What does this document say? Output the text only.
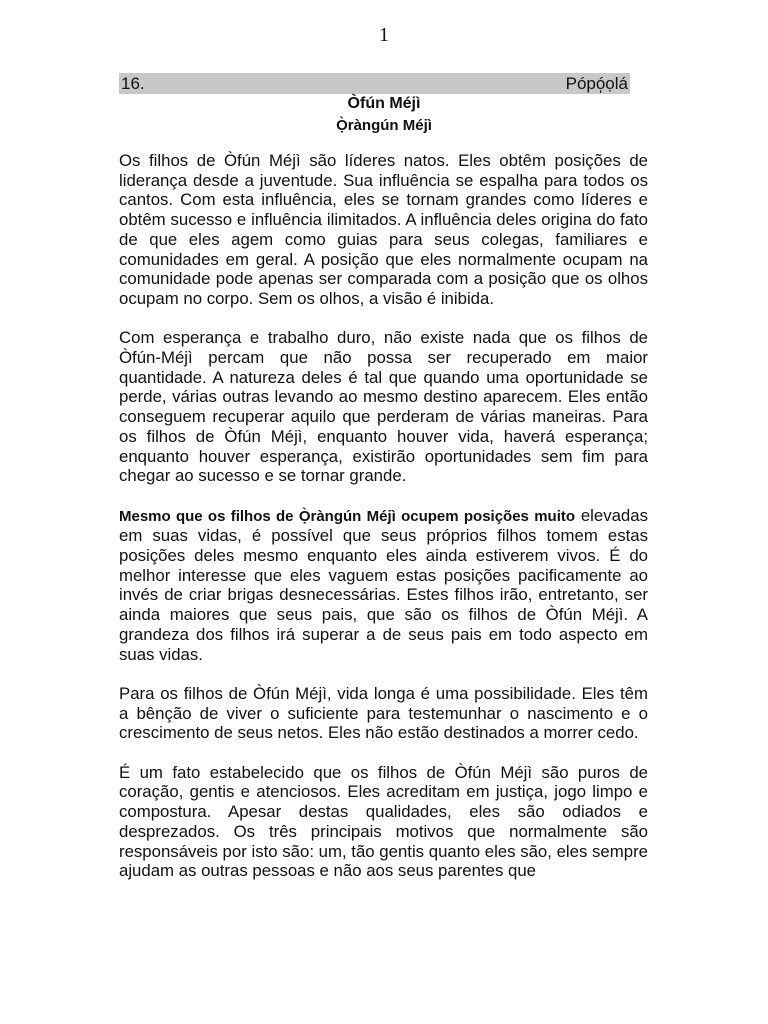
1
16.	Pópó̩ọlá
Òfún Méjì
Ọ̀ràngún Méjì

Os filhos de Òfún Méjì são líderes natos. Eles obtêm posições de liderança desde a juventude. Sua influência se espalha para todos os cantos. Com esta influência, eles se tornam grandes como líderes e obtêm sucesso e influência ilimitados. A influência deles origina do fato de que eles agem como guias para seus colegas, familiares e comunidades em geral. A posição que eles normalmente ocupam na comunidade pode apenas ser comparada com a posição que os olhos ocupam no corpo. Sem os olhos, a visão é inibida.

Com esperança e trabalho duro, não existe nada que os filhos de Òfún-Méjì percam que não possa ser recuperado em maior quantidade. A natureza deles é tal que quando uma oportunidade se perde, várias outras levando ao mesmo destino aparecem. Eles então conseguem recuperar aquilo que perderam de várias maneiras. Para os filhos de Òfún Méjì, enquanto houver vida, haverá esperança; enquanto houver esperança, existirão oportunidades sem fim para chegar ao sucesso e se tornar grande.

Mesmo que os filhos de Ọ̀ràngún Méjì ocupem posições muito elevadas em suas vidas, é possível que seus próprios filhos tomem estas posições deles mesmo enquanto eles ainda estiverem vivos. É do melhor interesse que eles vaguem estas posições pacificamente ao invés de criar brigas desnecessárias. Estes filhos irão, entretanto, ser ainda maiores que seus pais, que são os filhos de Òfún Méjì. A grandeza dos filhos irá superar a de seus pais em todo aspecto em suas vidas.

Para os filhos de Òfún Méjì, vida longa é uma possibilidade. Eles têm a bênção de viver o suficiente para testemunhar o nascimento e o crescimento de seus netos. Eles não estão destinados a morrer cedo.

É um fato estabelecido que os filhos de Òfún Méjì são puros de coração, gentis e atenciosos. Eles acreditam em justiça, jogo limpo e compostura. Apesar destas qualidades, eles são odiados e desprezados. Os três principais motivos que normalmente são responsáveis por isto são: um, tão gentis quanto eles são, eles sempre ajudam as outras pessoas e não aos seus parentes que
